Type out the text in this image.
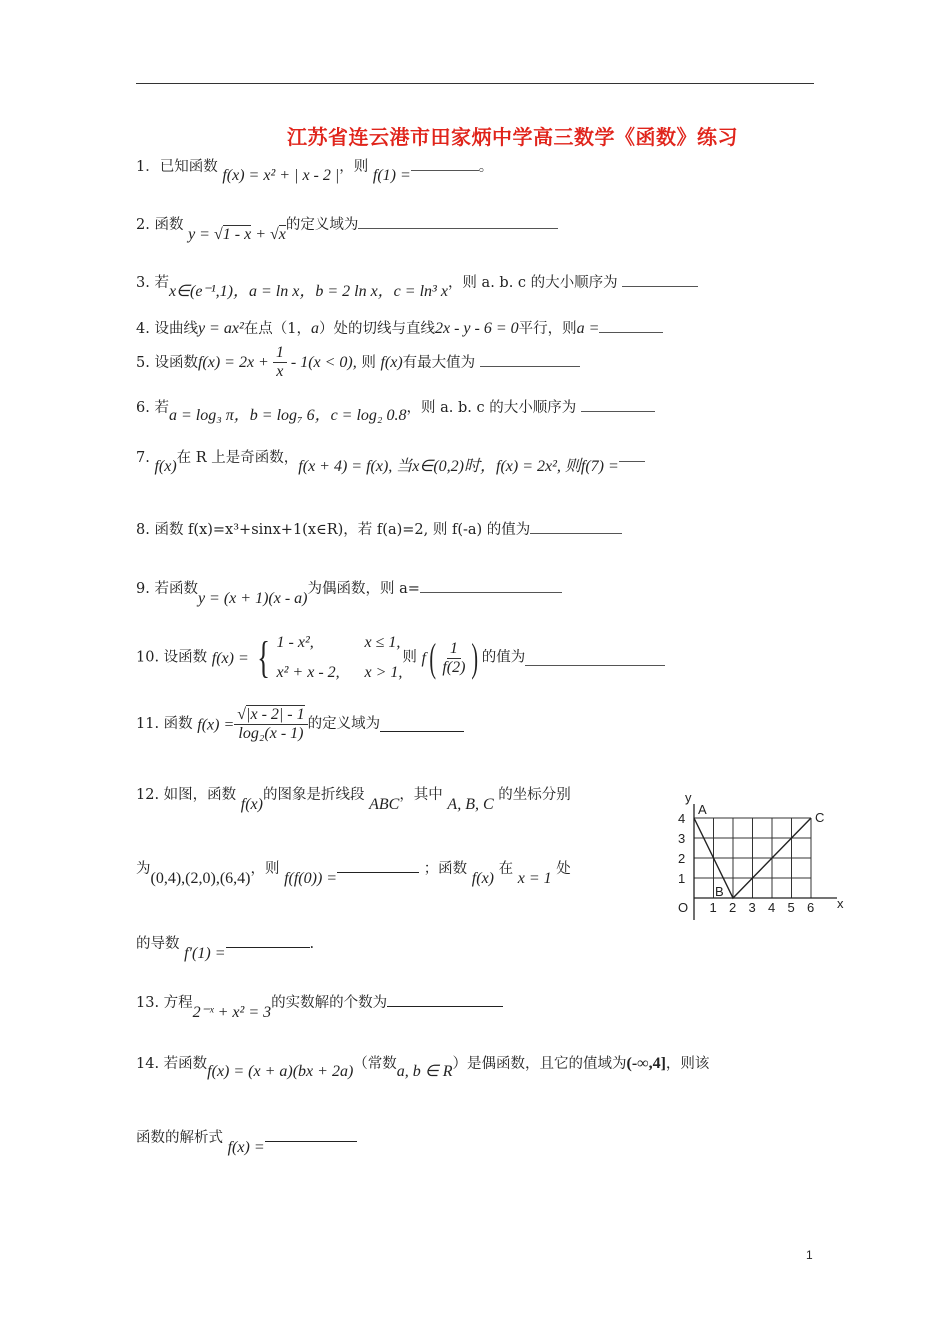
江苏省连云港市田家炳中学高三数学《函数》练习
1．已知函数 f(x) = x² + | x - 2 |，则 f(1) =	。
2. 函数 y = √1 - x + √x的定义域为
3. 若x∈(e⁻¹,1)，a = ln x，b = 2 ln x，c = ln³ x，则 a. b. c 的大小顺序为
4. 设曲线y = ax²在点（1，a）处的切线与直线2x - y - 6 = 0平行，则a =
5. 设函数$f(x) = 2x + \frac{1}{x} - 1(x < 0)$, 则 f(x)有最大值为
6. 若a = log₃ π，b = log₇ 6，c = log₂ 0.8，则 a. b. c 的大小顺序为
7. f(x)在 R 上是奇函数，f(x + 4) = f(x), 当x∈(0,2)时，f(x) = 2x², 则f(7) =
8. 函数 f(x)=x³+sinx+1(x∈R)，若 f(a)=2, 则 f(-a) 的值为
9. 若函数y = (x + 1)(x - a)为偶函数，则 a=
10. 设函数 f(x) = { 1 - x²,	x ≤ 1,
x² + x - 2, x > 1,
则 $f( \frac{1}{f(2)}$ ) 的值为
11. 函数 $f(x) = \frac{√|x - 2| - 1}{\text{log₂(x - 1)}}$ 的定义域为
12. 如图，函数 f(x)的图象是折线段 ABC，其中 A, B, C 的坐标分别
为(0,4),(2,0),(6,4)，则 f(f(0)) = ；函数 f(x) 在 x = 1 处
的导数 f′(1) =.
1 2 3 4 5 6
1
2
3
4
y
x
O
A
B
C
13. 方程2⁻ˣ + x² = 3的实数解的个数为
14. 若函数f(x) = (x + a)(bx + 2a)（常数a, b ∈ R）是偶函数，且它的值域为(-∞,4]，则该
函数的解析式 f(x) =
1
